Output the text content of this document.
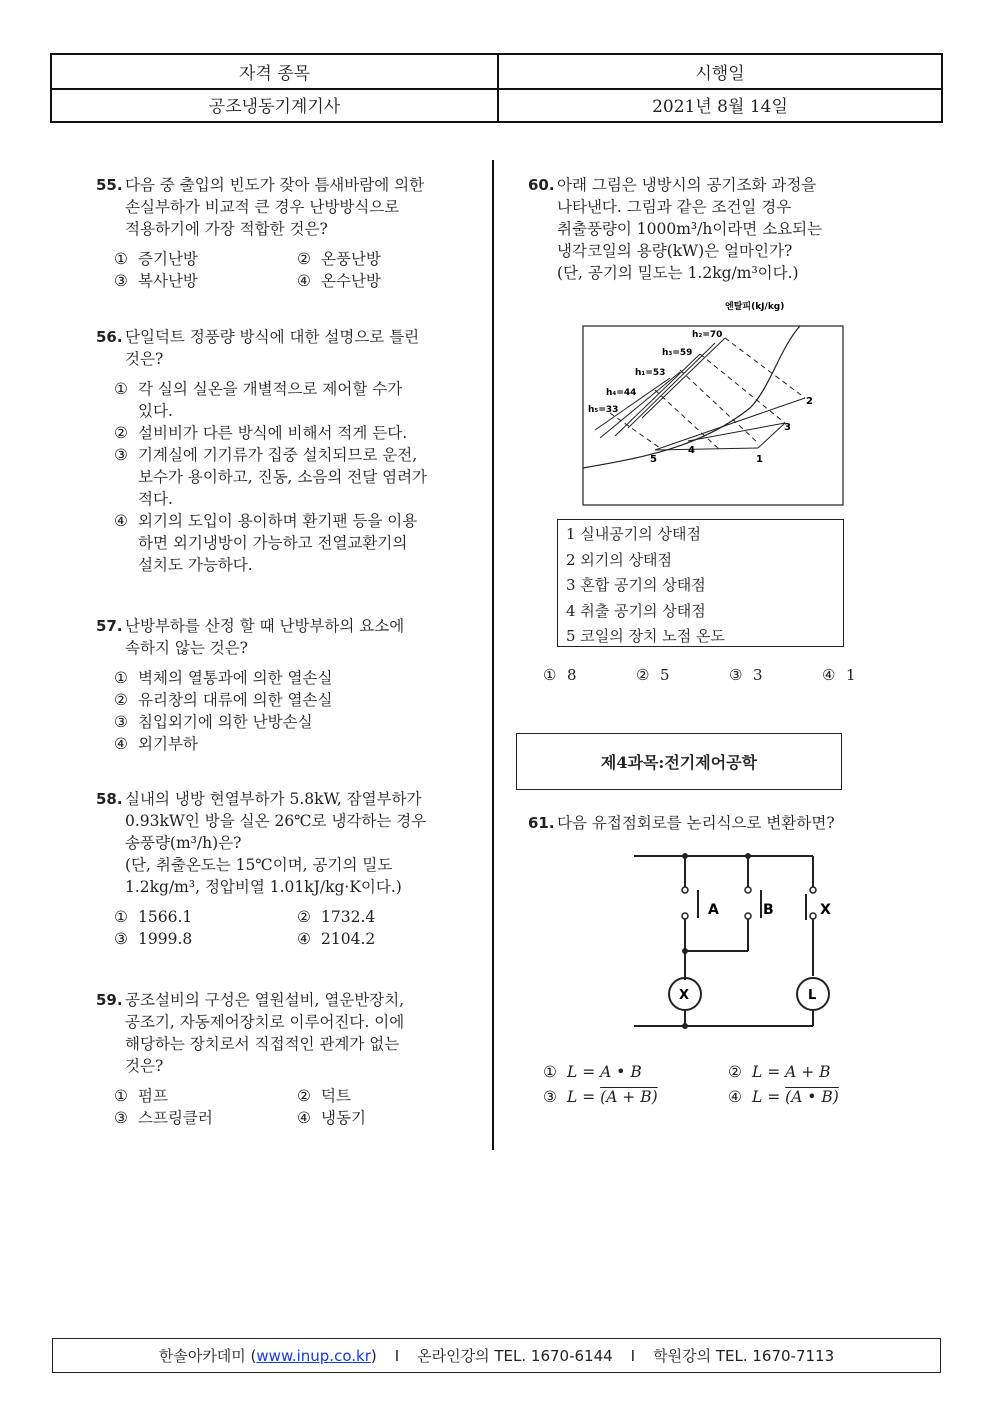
자격 종목	시행일
공조냉동기계기사	2021년 8월 14일
55. 다음 중 출입의 빈도가 잦아 틈새바람에 의한
손실부하가 비교적 큰 경우 난방방식으로
적용하기에 가장 적합한 것은?
① 증기난방	② 온풍난방
③ 복사난방	④ 온수난방
56. 단일덕트 정풍량 방식에 대한 설명으로 틀린
것은?
① 각 실의 실온을 개별적으로 제어할 수가
있다.
② 설비비가 다른 방식에 비해서 적게 든다.
③ 기계실에 기기류가 집중 설치되므로 운전,
보수가 용이하고, 진동, 소음의 전달 염려가
적다.
④ 외기의 도입이 용이하며 환기팬 등을 이용
하면 외기냉방이 가능하고 전열교환기의
설치도 가능하다.
57. 난방부하를 산정 할 때 난방부하의 요소에
속하지 않는 것은?
① 벽체의 열통과에 의한 열손실
② 유리창의 대류에 의한 열손실
③ 침입외기에 의한 난방손실
④ 외기부하
58. 실내의 냉방 현열부하가 5.8kW, 잠열부하가
0.93kW인 방을 실온 26℃로 냉각하는 경우
송풍량(m³/h)은?
(단, 취출온도는 15℃이며, 공기의 밀도
1.2kg/m³, 정압비열 1.01kJ/kg·K이다.)
① 1566.1	② 1732.4
③ 1999.8	④ 2104.2
59. 공조설비의 구성은 열원설비, 열운반장치,
공조기, 자동제어장치로 이루어진다. 이에
해당하는 장치로서 직접적인 관계가 없는
것은?
① 펌프	② 덕트
③ 스프링클러	④ 냉동기
60. 아래 그림은 냉방시의 공기조화 과정을
나타낸다. 그림과 같은 조건일 경우
취출풍량이 1000m³/h이라면 소요되는
냉각코일의 용량(kW)은 얼마인가?
(단, 공기의 밀도는 1.2kg/m³이다.)
엔탈피(kJ/kg)
h₂=70
h₃=59
h₁=53
h₄=44
h₅=33
1
2
3
4
5
1 실내공기의 상태점
2 외기의 상태점
3 혼합 공기의 상태점
4 취출 공기의 상태점
5 코일의 장치 노점 온도
① 8	② 5	③ 3	④ 1
제4과목:전기제어공학
61. 다음 유접점회로를 논리식으로 변환하면?
A	B	X
X	L
① L = A • B	② L = A + B
③ L = (A + B)	④ L = (A • B)
한솔아카데미 ( www.inup.co.kr ) I 온라인강의 TEL. 1670-6144 I 학원강의 TEL. 1670-7113
